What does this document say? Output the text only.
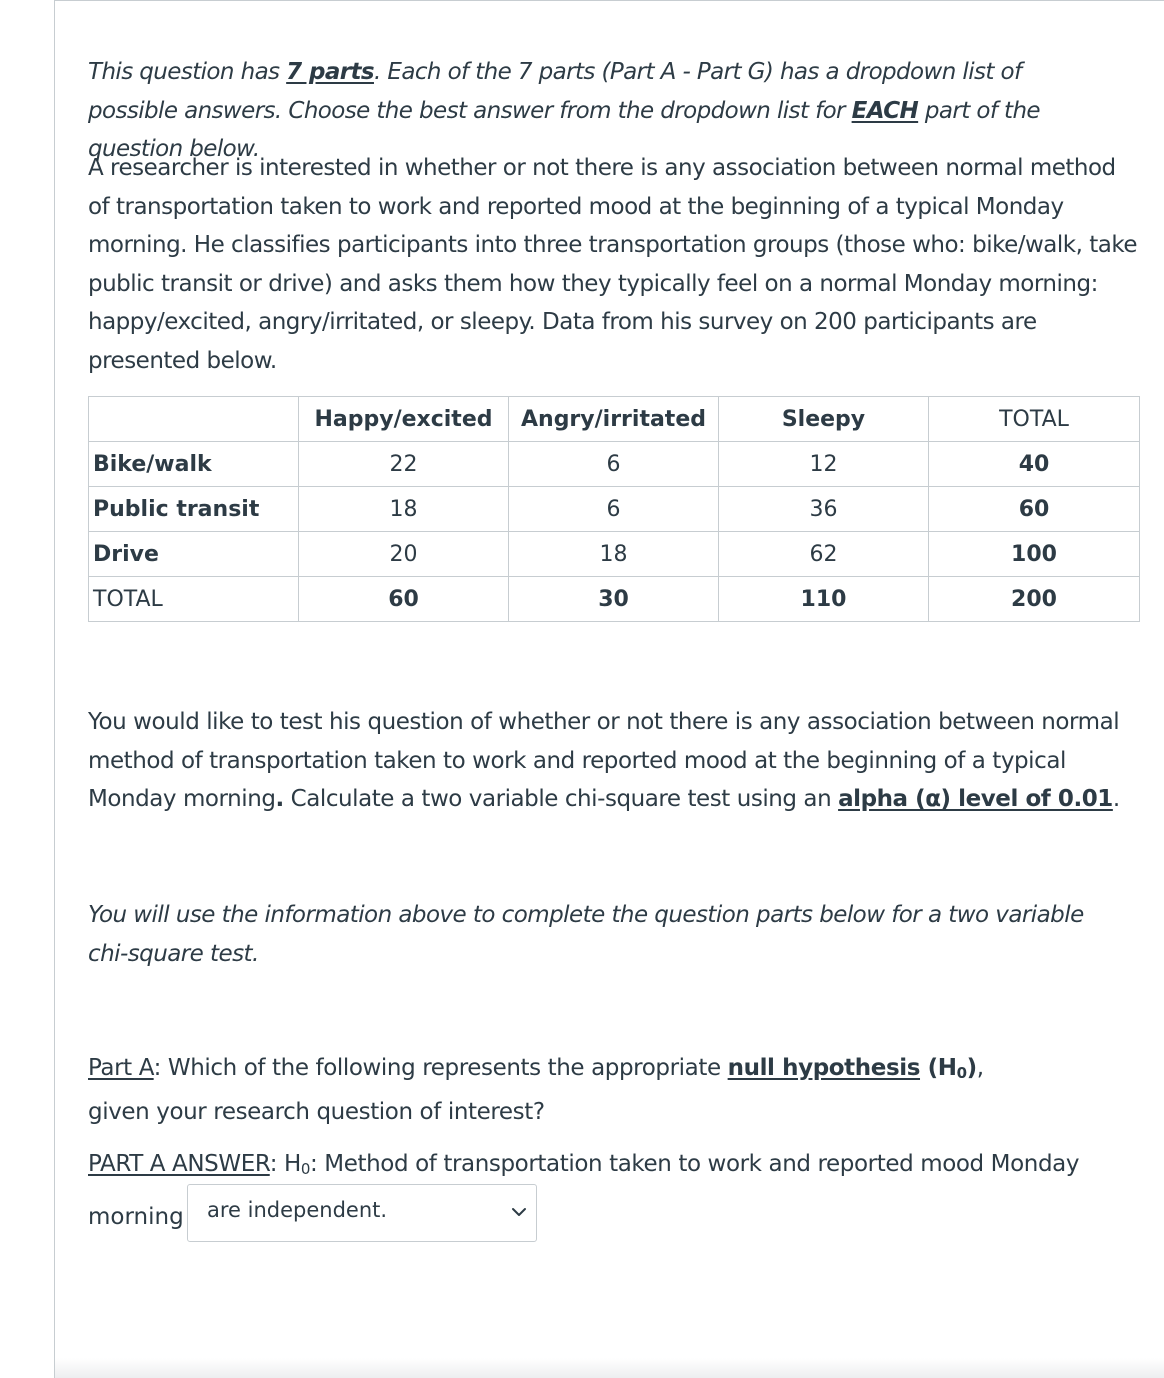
This question has 7 parts. Each of the 7 parts (Part A - Part G) has a dropdown list of possible answers. Choose the best answer from the dropdown list for EACH part of the question below.

A researcher is interested in whether or not there is any association between normal method of transportation taken to work and reported mood at the beginning of a typical Monday morning. He classifies participants into three transportation groups (those who: bike/walk, take public transit or drive) and asks them how they typically feel on a normal Monday morning: happy/excited, angry/irritated, or sleepy. Data from his survey on 200 participants are presented below.

	Happy/excited	Angry/irritated	Sleepy	TOTAL
Bike/walk	22	6	12	40
Public transit	18	6	36	60
Drive	20	18	62	100
TOTAL	60	30	110	200

You would like to test his question of whether or not there is any association between normal method of transportation taken to work and reported mood at the beginning of a typical Monday morning. Calculate a two variable chi-square test using an alpha (α) level of 0.01.

You will use the information above to complete the question parts below for a two variable chi-square test.

Part A: Which of the following represents the appropriate null hypothesis $(H_0)$, given your research question of interest?

PART A ANSWER: $H_0$: Method of transportation taken to work and reported mood Monday

morning are independent.
